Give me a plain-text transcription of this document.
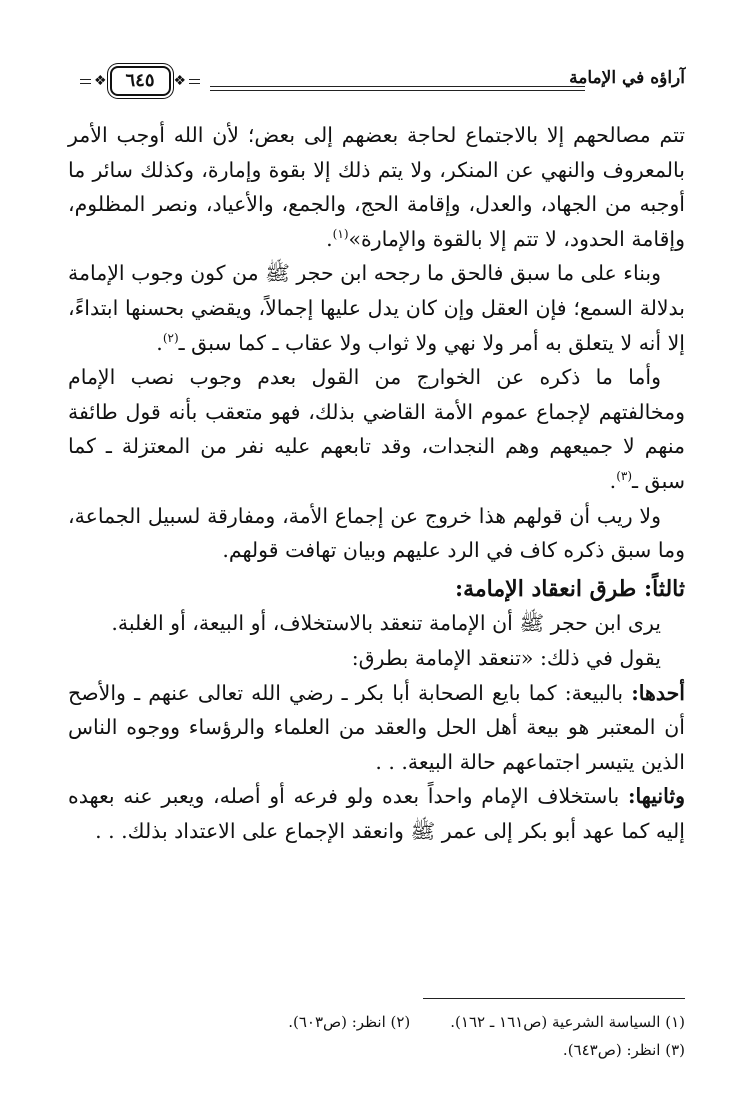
آراؤه في الإمامة
❖
٦٤٥
❖

تتم مصالحهم إلا بالاجتماع لحاجة بعضهم إلى بعض؛ لأن الله أوجب الأمر بالمعروف والنهي عن المنكر، ولا يتم ذلك إلا بقوة وإمارة، وكذلك سائر ما أوجبه من الجهاد، والعدل، وإقامة الحج، والجمع، والأعياد، ونصر المظلوم، وإقامة الحدود، لا تتم إلا بالقوة والإمارة»$^{(١)}$.

وبناء على ما سبق فالحق ما رجحه ابن حجر ﷺ من كون وجوب الإمامة بدلالة السمع؛ فإن العقل وإن كان يدل عليها إجمالاً، ويقضي بحسنها ابتداءً، إلا أنه لا يتعلق به أمر ولا نهي ولا ثواب ولا عقاب ـ كما سبق ـ$^{(٢)}$.

وأما ما ذكره عن الخوارج من القول بعدم وجوب نصب الإمام ومخالفتهم لإجماع عموم الأمة القاضي بذلك، فهو متعقب بأنه قول طائفة منهم لا جميعهم وهم النجدات، وقد تابعهم عليه نفر من المعتزلة ـ كما سبق ـ$^{(٣)}$.

ولا ريب أن قولهم هذا خروج عن إجماع الأمة، ومفارقة لسبيل الجماعة، وما سبق ذكره كاف في الرد عليهم وبيان تهافت قولهم.

ثالثاً: طرق انعقاد الإمامة:

يرى ابن حجر ﷺ أن الإمامة تنعقد بالاستخلاف، أو البيعة، أو الغلبة.

يقول في ذلك: «تنعقد الإمامة بطرق:

أحدها: بالبيعة: كما بايع الصحابة أبا بكر ـ رضي الله تعالى عنهم ـ والأصح أن المعتبر هو بيعة أهل الحل والعقد من العلماء والرؤساء ووجوه الناس الذين يتيسر اجتماعهم حالة البيعة. . .

وثانيها: باستخلاف الإمام واحداً بعده ولو فرعه أو أصله، ويعبر عنه بعهده إليه كما عهد أبو بكر إلى عمر ﷺ وانعقد الإجماع على الاعتداد بذلك. . .

(١) السياسة الشرعية (ص١٦١ ـ ١٦٢).
(٢) انظر: (ص٦٠٣).
(٣) انظر: (ص٦٤٣).
